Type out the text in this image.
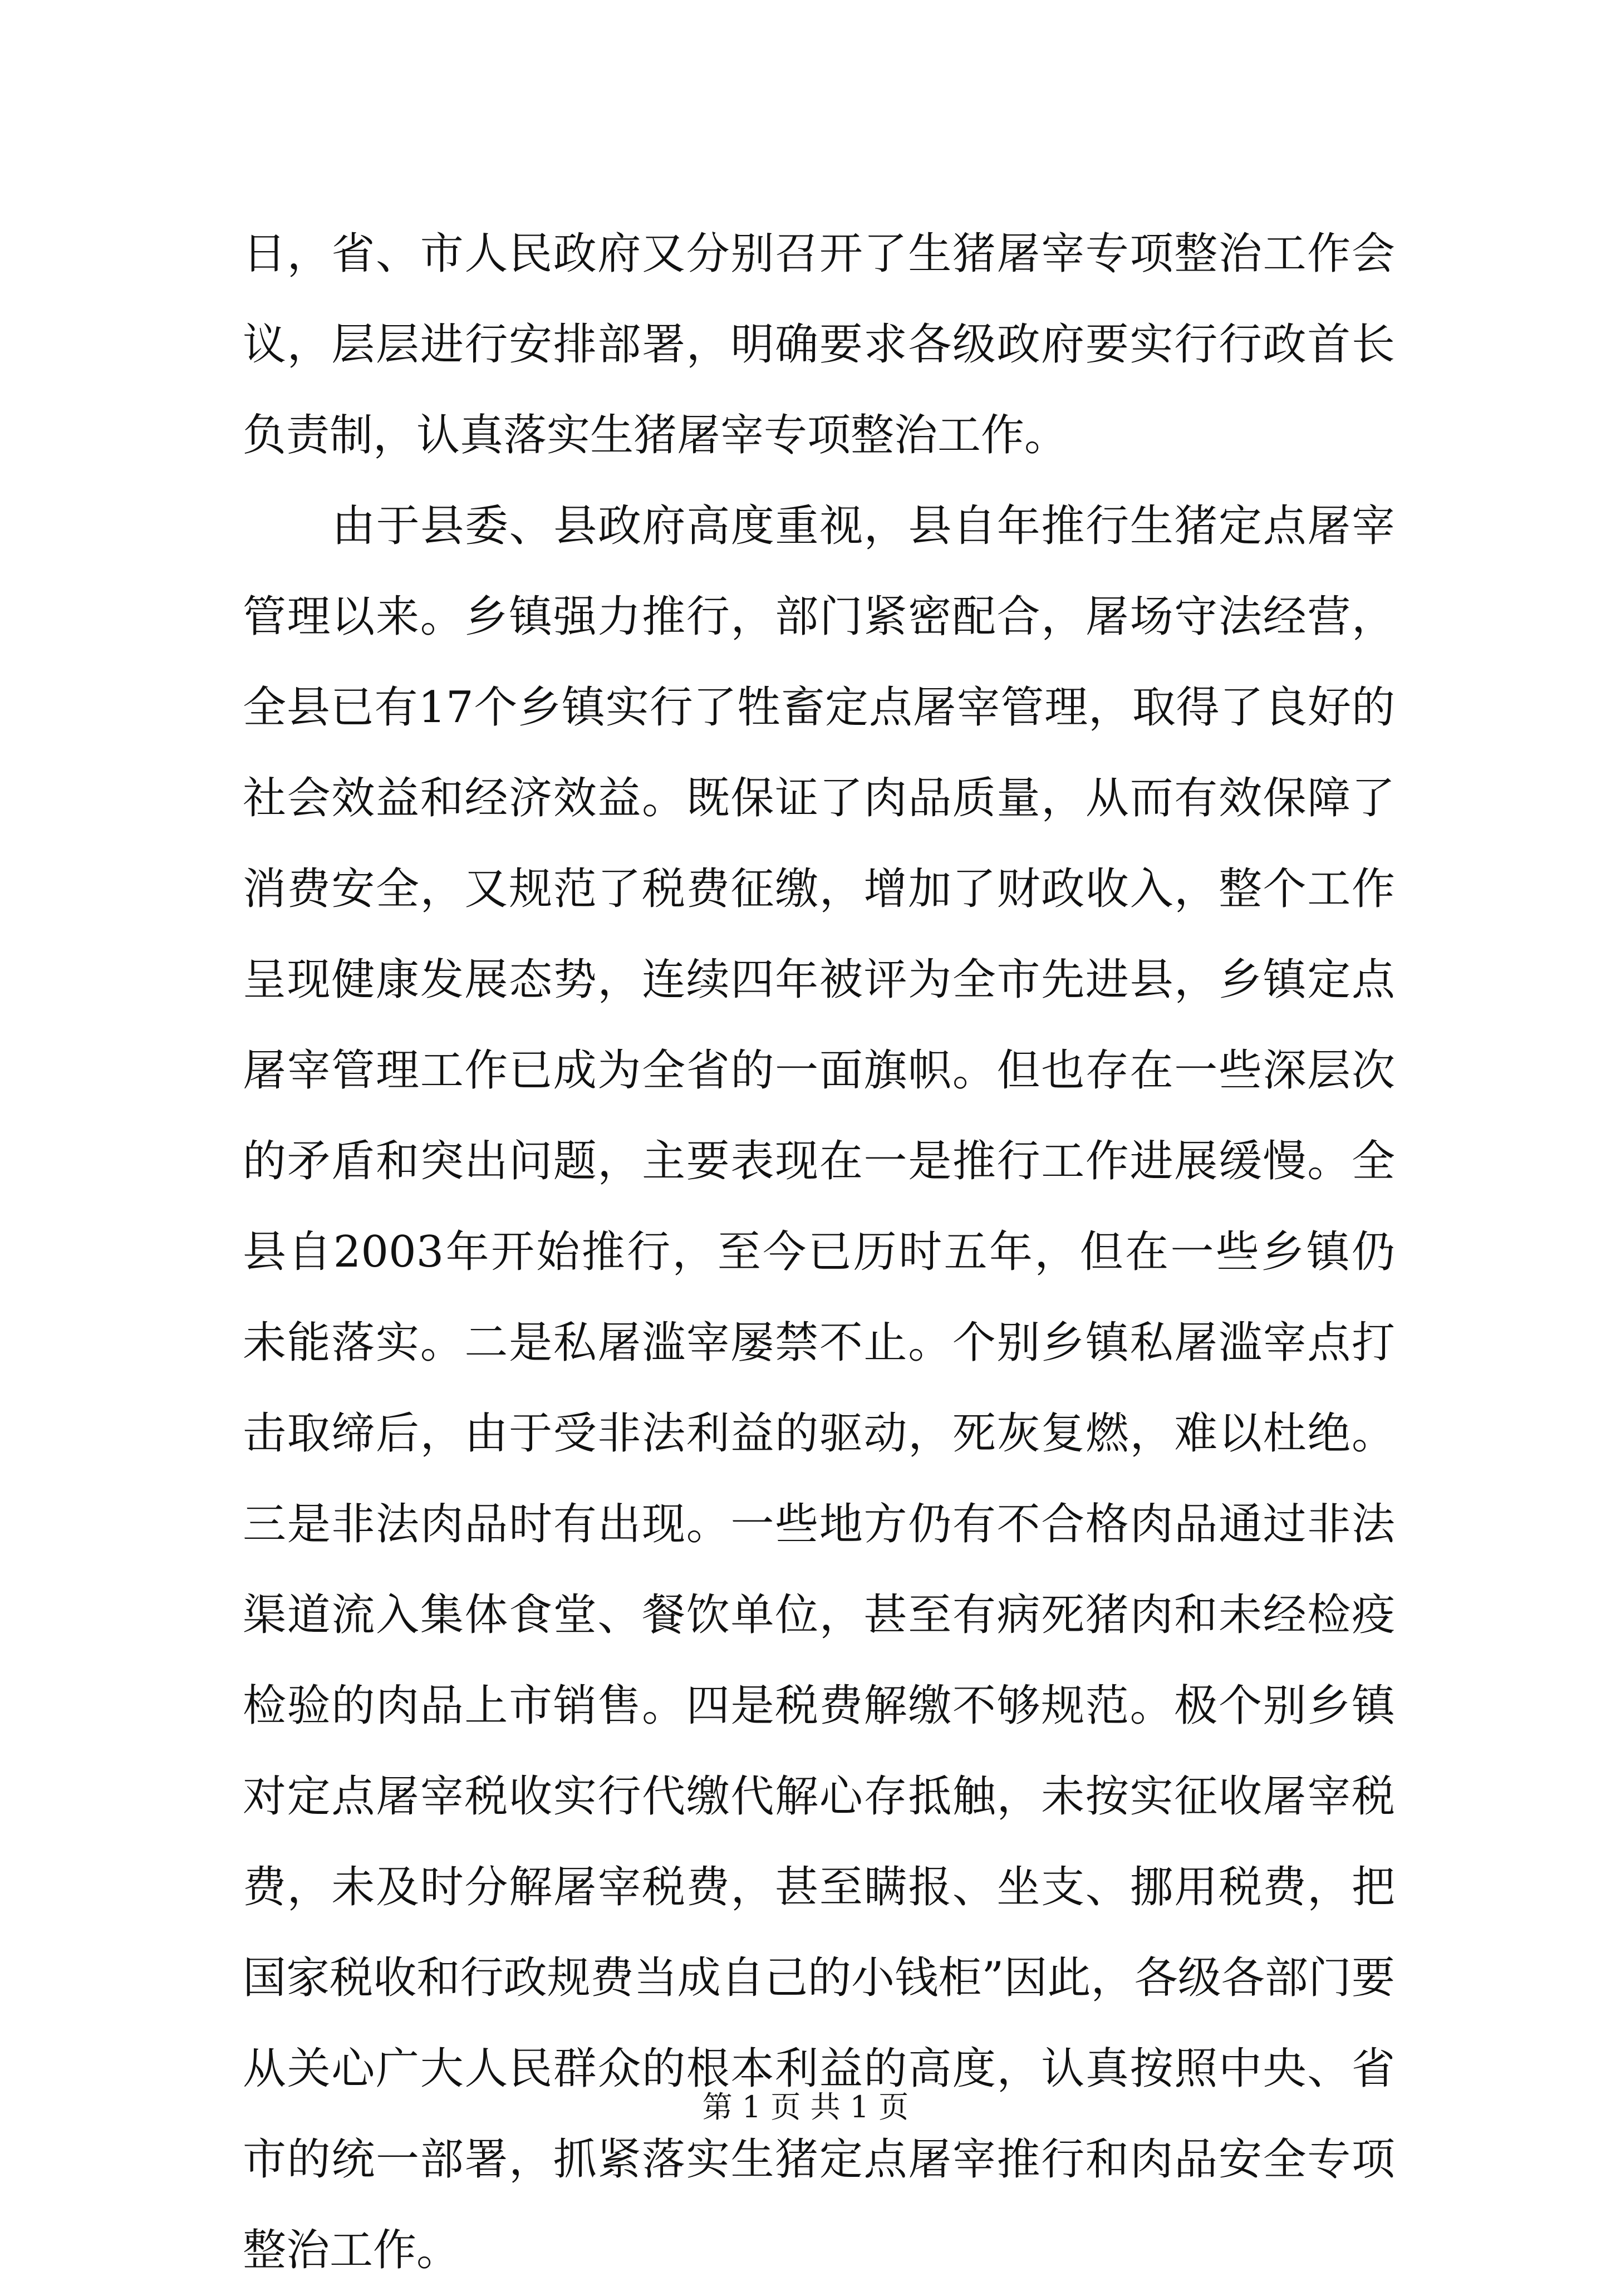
日，省、市人民政府又分别召开了生猪屠宰专项整治工作会议，层层进行安排部署，明确要求各级政府要实行行政首长负责制，认真落实生猪屠宰专项整治工作。

由于县委、县政府高度重视，县自年推行生猪定点屠宰管理以来。乡镇强力推行，部门紧密配合，屠场守法经营，全县已有17个乡镇实行了牲畜定点屠宰管理，取得了良好的社会效益和经济效益。既保证了肉品质量，从而有效保障了消费安全，又规范了税费征缴，增加了财政收入，整个工作呈现健康发展态势，连续四年被评为全市先进县，乡镇定点屠宰管理工作已成为全省的一面旗帜。但也存在一些深层次的矛盾和突出问题，主要表现在一是推行工作进展缓慢。全县自2003年开始推行，至今已历时五年，但在一些乡镇仍未能落实。二是私屠滥宰屡禁不止。个别乡镇私屠滥宰点打击取缔后，由于受非法利益的驱动，死灰复燃，难以杜绝。三是非法肉品时有出现。一些地方仍有不合格肉品通过非法渠道流入集体食堂、餐饮单位，甚至有病死猪肉和未经检疫检验的肉品上市销售。四是税费解缴不够规范。极个别乡镇对定点屠宰税收实行代缴代解心存抵触，未按实征收屠宰税费，未及时分解屠宰税费，甚至瞒报、坐支、挪用税费，把国家税收和行政规费当成自己的小钱柜”因此，各级各部门要从关心广大人民群众的根本利益的高度，认真按照中央、省市的统一部署，抓紧落实生猪定点屠宰推行和肉品安全专项整治工作。

第 1 页 共 1 页
